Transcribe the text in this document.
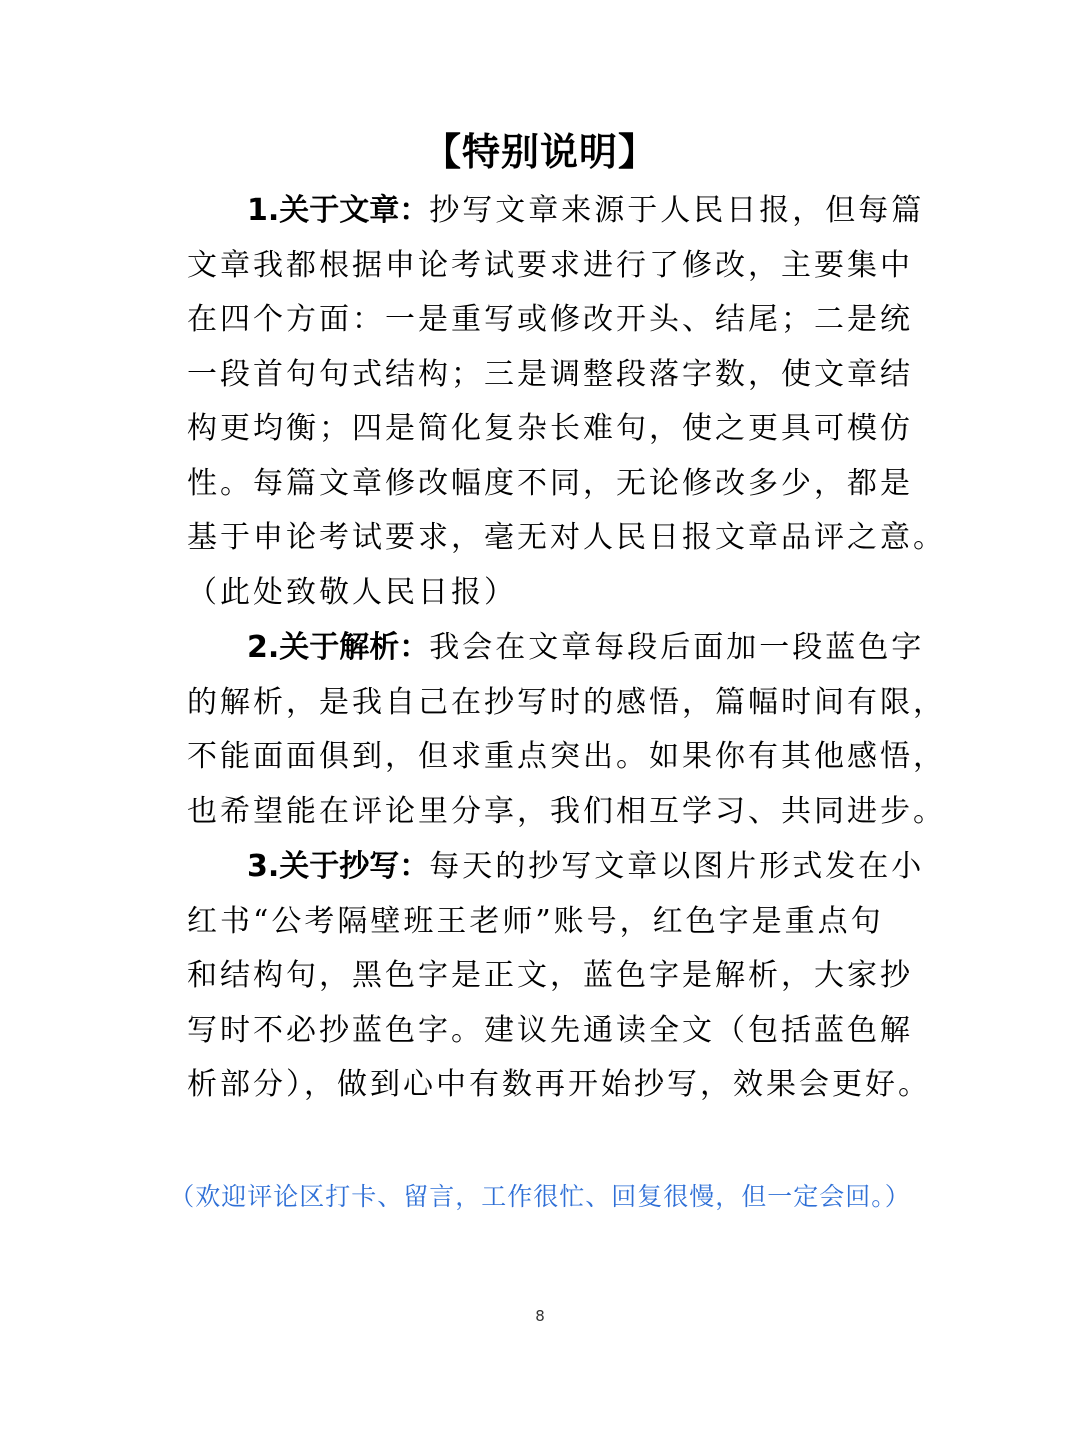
【特别说明】
1.关于文章：抄写文章来源于人民日报，但每篇
文章我都根据申论考试要求进行了修改，主要集中
在四个方面：一是重写或修改开头、结尾；二是统
一段首句句式结构；三是调整段落字数，使文章结
构更均衡；四是简化复杂长难句，使之更具可模仿
性。每篇文章修改幅度不同，无论修改多少，都是
基于申论考试要求，毫无对人民日报文章品评之意。
（此处致敬人民日报）
2.关于解析：我会在文章每段后面加一段蓝色字
的解析，是我自己在抄写时的感悟，篇幅时间有限，
不能面面俱到，但求重点突出。如果你有其他感悟，
也希望能在评论里分享，我们相互学习、共同进步。
3.关于抄写：每天的抄写文章以图片形式发在小
红书“公考隔壁班王老师”账号，红色字是重点句
和结构句，黑色字是正文，蓝色字是解析，大家抄
写时不必抄蓝色字。建议先通读全文（包括蓝色解
析部分），做到心中有数再开始抄写，效果会更好。
（欢迎评论区打卡、留言，工作很忙、回复很慢，但一定会回。）
8
